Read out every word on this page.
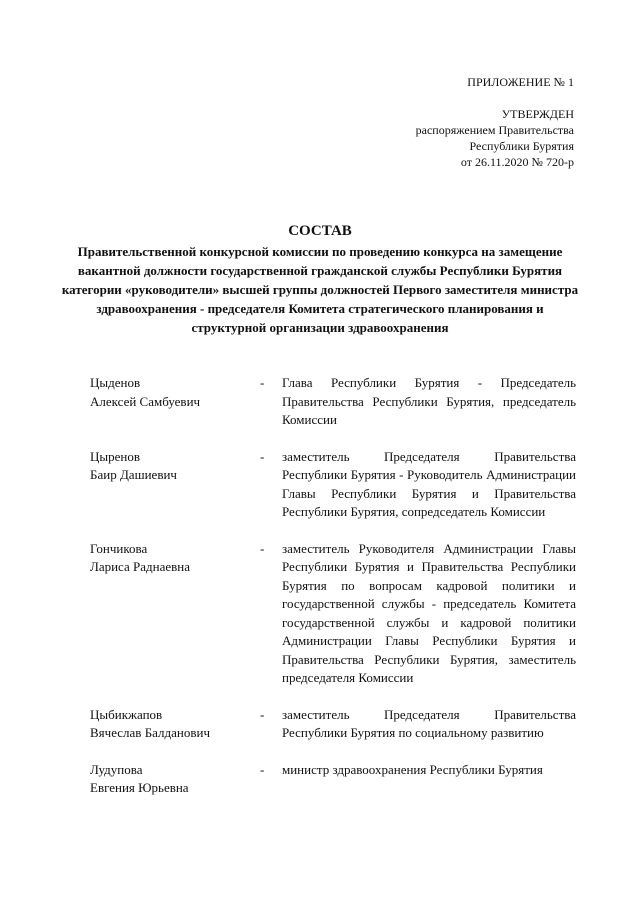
ПРИЛОЖЕНИЕ № 1
УТВЕРЖДЕН
распоряжением Правительства
Республики Бурятия
от 26.11.2020 № 720-р
СОСТАВ
Правительственной конкурсной комиссии по проведению конкурса на замещение вакантной должности государственной гражданской службы Республики Бурятия категории «руководители» высшей группы должностей Первого заместителя министра здравоохранения - председателя Комитета стратегического планирования и структурной организации здравоохранения
Цыденов
Алексей Самбуевич
-	Глава Республики Бурятия - Председатель Правительства Республики Бурятия, председатель Комиссии
Цыренов
Баир Дашиевич
-	заместитель Председателя Правительства Республики Бурятия - Руководитель Администрации Главы Республики Бурятия и Правительства Республики Бурятия, сопредседатель Комиссии
Гончикова
Лариса Раднаевна
-	заместитель Руководителя Администрации Главы Республики Бурятия и Правительства Республики Бурятия по вопросам кадровой политики и государственной службы - председатель Комитета государственной службы и кадровой политики Администрации Главы Республики Бурятия и Правительства Республики Бурятия, заместитель председателя Комиссии
Цыбикжапов
Вячеслав Балданович
-	заместитель Председателя Правительства Республики Бурятия по социальному развитию
Лудупова
Евгения Юрьевна
-	министр здравоохранения Республики Бурятия
